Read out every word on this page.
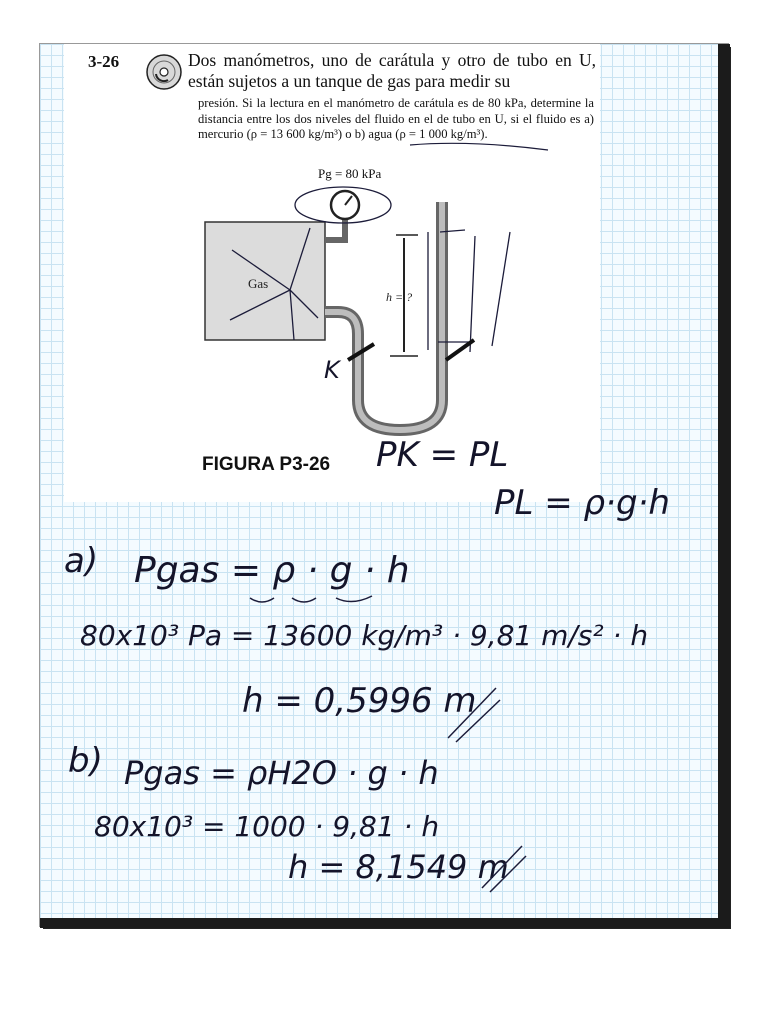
3-26	Dos manómetros, uno de carátula y otro de tubo en U, están sujetos a un tanque de gas para medir su
presión. Si la lectura en el manómetro de carátula es de 80 kPa, determine la distancia entre los dos niveles del fluido en el de tubo en U, si el fluido es a) mercurio (ρ = 13 600 kg/m³) o b) agua (ρ = 1 000 kg/m³).
FIGURA P3-26
Gas
Pg = 80 kPa
h = ?
K
PK = PL
PL = ρ·g·h
a) Pgas = ρ · g · h
80x10³ Pa = 13600 kg/m³ · 9,81 m/s² · h
h = 0,5996 m
b) Pgas = ρH2O · g · h
80x10³ = 1000 · 9,81 · h
h = 8,1549 m
